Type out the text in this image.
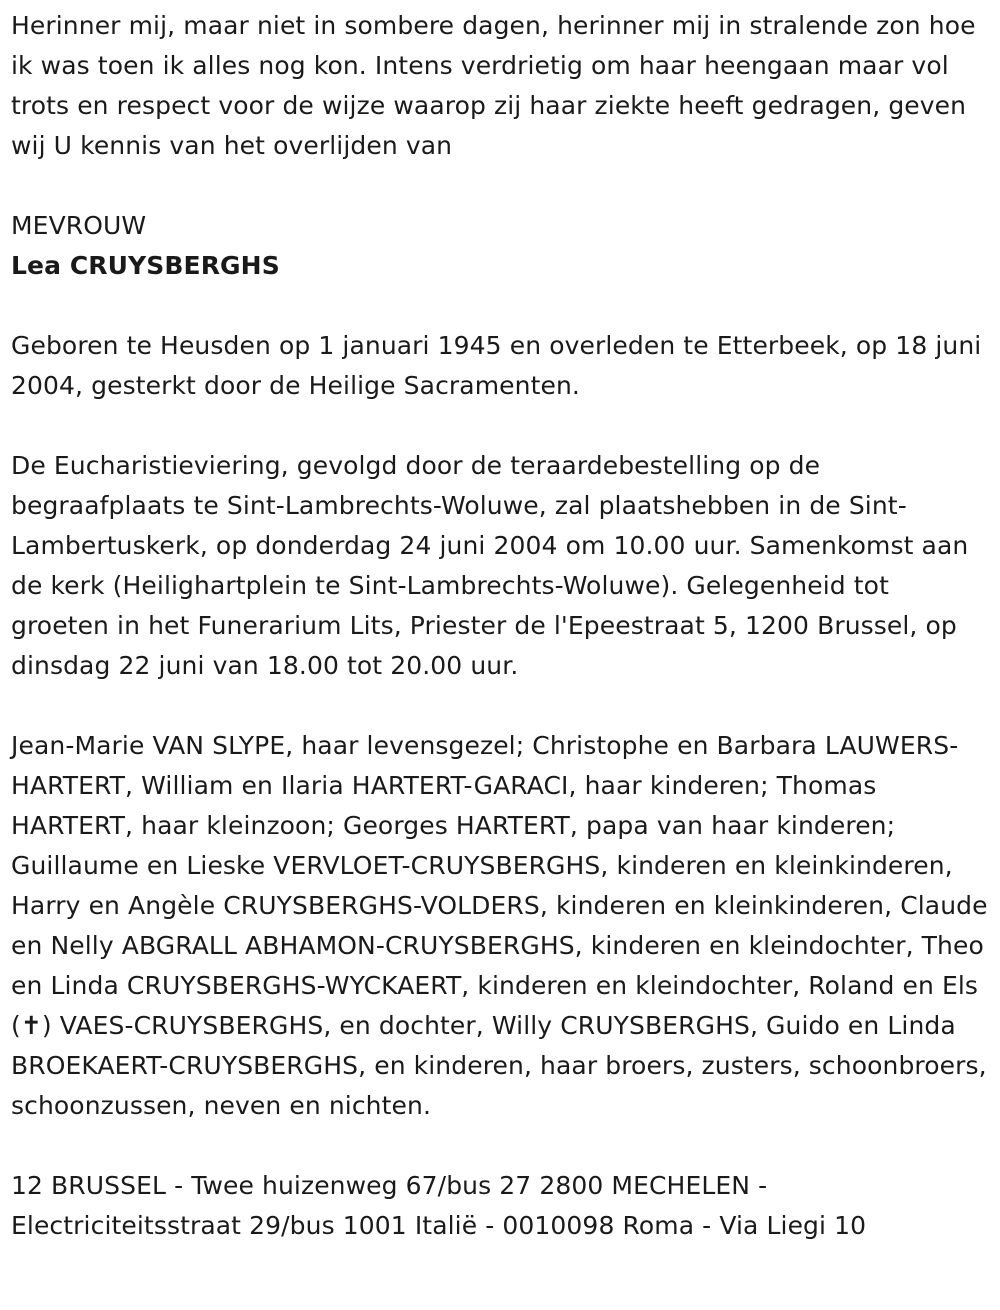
Herinner mij, maar niet in sombere dagen, herinner mij in stralende zon hoe ik was toen ik alles nog kon. Intens verdrietig om haar heengaan maar vol trots en respect voor de wijze waarop zij haar ziekte heeft gedragen, geven wij U kennis van het overlijden van

MEVROUW
Lea CRUYSBERGHS

Geboren te Heusden op 1 januari 1945 en overleden te Etterbeek, op 18 juni 2004, gesterkt door de Heilige Sacramenten.

De Eucharistieviering, gevolgd door de teraardebestelling op de begraafplaats te Sint-Lambrechts-Woluwe, zal plaatshebben in de Sint-Lambertuskerk, op donderdag 24 juni 2004 om 10.00 uur. Samenkomst aan de kerk (Heilighartplein te Sint-Lambrechts-Woluwe). Gelegenheid tot groeten in het Funerarium Lits, Priester de l'Epeestraat 5, 1200 Brussel, op dinsdag 22 juni van 18.00 tot 20.00 uur.

Jean-Marie VAN SLYPE, haar levensgezel; Christophe en Barbara LAUWERS-HARTERT, William en Ilaria HARTERT-GARACI, haar kinderen; Thomas HARTERT, haar kleinzoon; Georges HARTERT, papa van haar kinderen; Guillaume en Lieske VERVLOET-CRUYSBERGHS, kinderen en kleinkinderen, Harry en Angèle CRUYSBERGHS-VOLDERS, kinderen en kleinkinderen, Claude en Nelly ABGRALL ABHAMON-CRUYSBERGHS, kinderen en kleindochter, Theo en Linda CRUYSBERGHS-WYCKAERT, kinderen en kleindochter, Roland en Els (✝) VAES-CRUYSBERGHS, en dochter, Willy CRUYSBERGHS, Guido en Linda BROEKAERT-CRUYSBERGHS, en kinderen, haar broers, zusters, schoonbroers, schoonzussen, neven en nichten.

12 BRUSSEL - Twee huizenweg 67/bus 27 2800 MECHELEN - Electriciteitsstraat 29/bus 1001 Italië - 0010098 Roma - Via Liegi 10
